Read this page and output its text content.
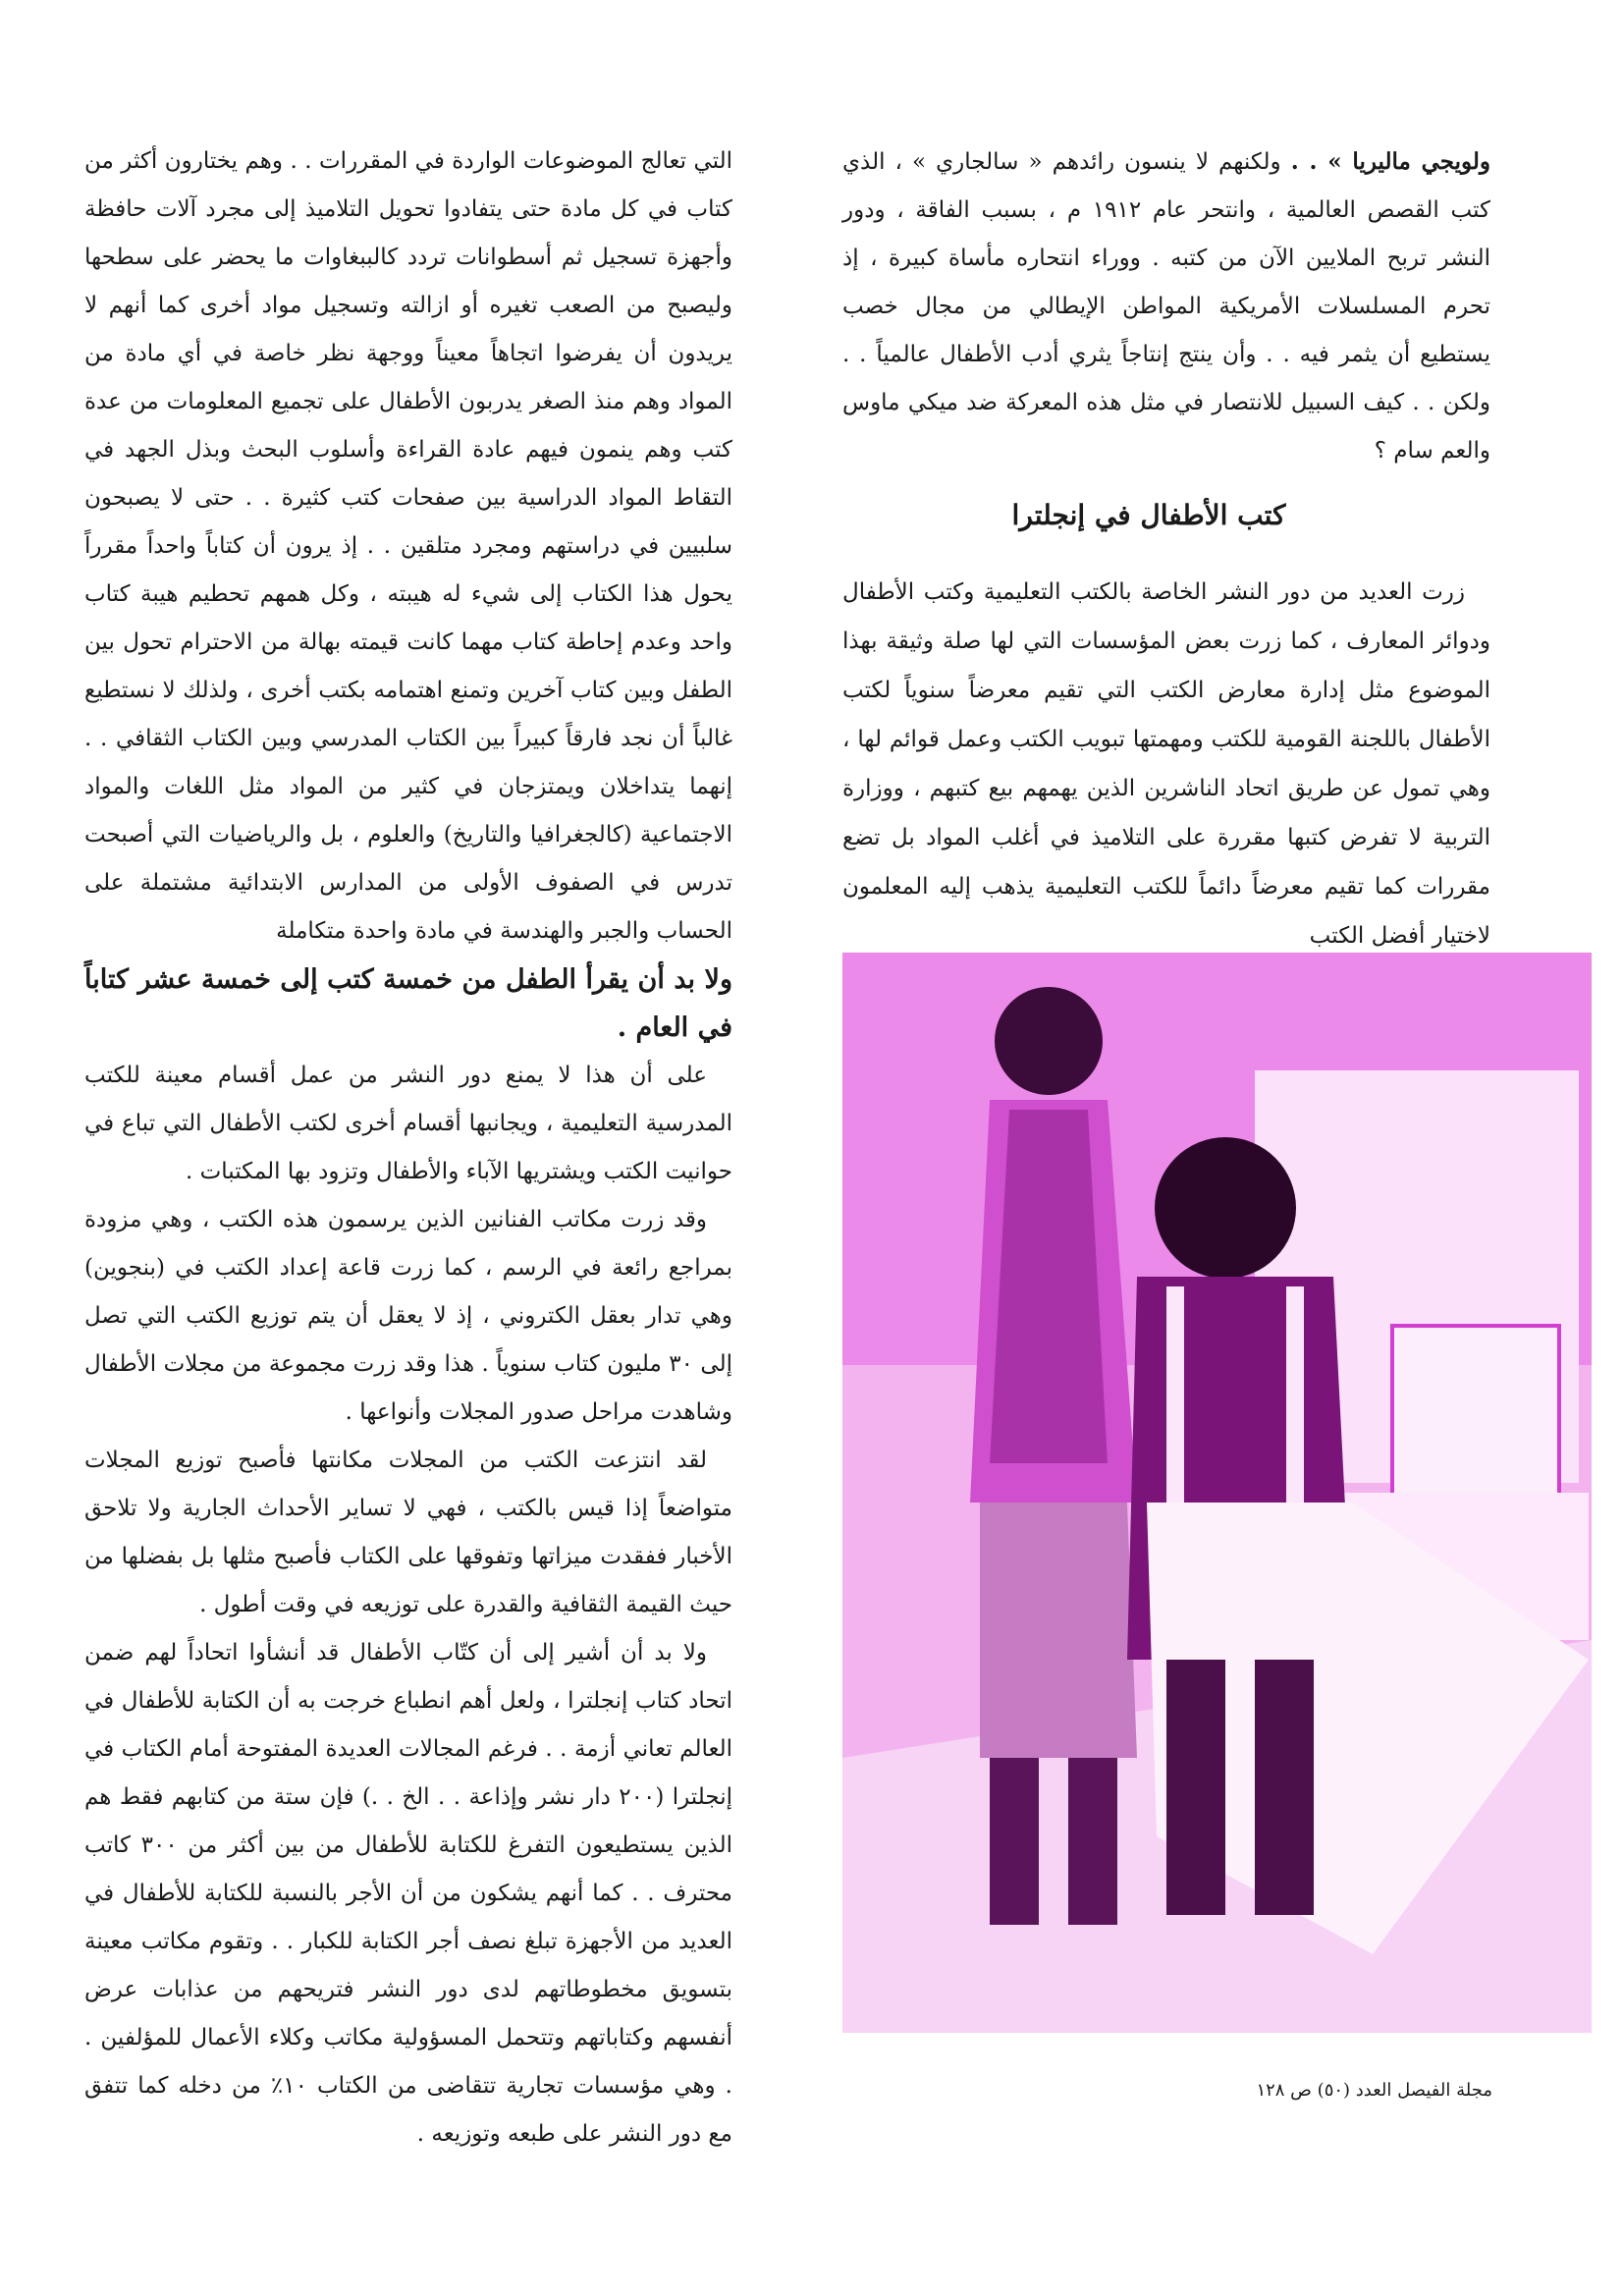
التي تعالج الموضوعات الواردة في المقررات . . وهم يختارون أكثر من كتاب في كل مادة حتى يتفادوا تحويل التلاميذ إلى مجرد آلات حافظة وأجهزة تسجيل ثم أسطوانات تردد كالببغاوات ما يحضر على سطحها وليصبح من الصعب تغيره أو ازالته وتسجيل مواد أخرى كما أنهم لا يريدون أن يفرضوا اتجاهاً معيناً ووجهة نظر خاصة في أي مادة من المواد وهم منذ الصغر يدربون الأطفال على تجميع المعلومات من عدة كتب وهم ينمون فيهم عادة القراءة وأسلوب البحث وبذل الجهد في التقاط المواد الدراسية بين صفحات كتب كثيرة . . حتى لا يصبحون سلبيين في دراستهم ومجرد متلقين . . إذ يرون أن كتاباً واحداً مقرراً يحول هذا الكتاب إلى شيء له هيبته ، وكل همهم تحطيم هيبة كتاب واحد وعدم إحاطة كتاب مهما كانت قيمته بهالة من الاحترام تحول بين الطفل وبين كتاب آخرين وتمنع اهتمامه بكتب أخرى ، ولذلك لا نستطيع غالباً أن نجد فارقاً كبيراً بين الكتاب المدرسي وبين الكتاب الثقافي . . إنهما يتداخلان ويمتزجان في كثير من المواد مثل اللغات والمواد الاجتماعية (كالجغرافيا والتاريخ) والعلوم ، بل والرياضيات التي أصبحت تدرس في الصفوف الأولى من المدارس الابتدائية مشتملة على الحساب والجبر والهندسة في مادة واحدة متكاملة

ولا بد أن يقرأ الطفل من خمسة كتب إلى خمسة عشر كتاباً في العام .

على أن هذا لا يمنع دور النشر من عمل أقسام معينة للكتب المدرسية التعليمية ، ويجانبها أقسام أخرى لكتب الأطفال التي تباع في حوانيت الكتب ويشتريها الآباء والأطفال وتزود بها المكتبات .

وقد زرت مكاتب الفنانين الذين يرسمون هذه الكتب ، وهي مزودة بمراجع رائعة في الرسم ، كما زرت قاعة إعداد الكتب في (بنجوين) وهي تدار بعقل الكتروني ، إذ لا يعقل أن يتم توزيع الكتب التي تصل إلى ٣٠ مليون كتاب سنوياً . هذا وقد زرت مجموعة من مجلات الأطفال وشاهدت مراحل صدور المجلات وأنواعها .

لقد انتزعت الكتب من المجلات مكانتها فأصبح توزيع المجلات متواضعاً إذا قيس بالكتب ، فهي لا تساير الأحداث الجارية ولا تلاحق الأخبار ففقدت ميزاتها وتفوقها على الكتاب فأصبح مثلها بل بفضلها من حيث القيمة الثقافية والقدرة على توزيعه في وقت أطول .

ولا بد أن أشير إلى أن كتّاب الأطفال قد أنشأوا اتحاداً لهم ضمن اتحاد كتاب إنجلترا ، ولعل أهم انطباع خرجت به أن الكتابة للأطفال في العالم تعاني أزمة . . فرغم المجالات العديدة المفتوحة أمام الكتاب في إنجلترا (٢٠٠ دار نشر وإذاعة . . الخ . .) فإن ستة من كتابهم فقط هم الذين يستطيعون التفرغ للكتابة للأطفال من بين أكثر من ٣٠٠ كاتب محترف . . كما أنهم يشكون من أن الأجر بالنسبة للكتابة للأطفال في العديد من الأجهزة تبلغ نصف أجر الكتابة للكبار . . وتقوم مكاتب معينة بتسويق مخطوطاتهم لدى دور النشر فتريحهم من عذابات عرض أنفسهم وكتاباتهم وتتحمل المسؤولية مكاتب وكلاء الأعمال للمؤلفين . . وهي مؤسسات تجارية تتقاضى من الكتاب ١٠٪ من دخله كما تتفق مع دور النشر على طبعه وتوزيعه .

ولويجي ماليريا » . . ولكنهم لا ينسون رائدهم « سالجاري » ، الذي كتب القصص العالمية ، وانتحر عام ١٩١٢ م ، بسبب الفاقة ، ودور النشر تربح الملايين الآن من كتبه . ووراء انتحاره مأساة كبيرة ، إذ تحرم المسلسلات الأمريكية المواطن الإيطالي من مجال خصب يستطيع أن يثمر فيه . . وأن ينتج إنتاجاً يثري أدب الأطفال عالمياً . . ولكن . . كيف السبيل للانتصار في مثل هذه المعركة ضد ميكي ماوس والعم سام ؟

كتب الأطفال في إنجلترا

زرت العديد من دور النشر الخاصة بالكتب التعليمية وكتب الأطفال ودوائر المعارف ، كما زرت بعض المؤسسات التي لها صلة وثيقة بهذا الموضوع مثل إدارة معارض الكتب التي تقيم معرضاً سنوياً لكتب الأطفال باللجنة القومية للكتب ومهمتها تبويب الكتب وعمل قوائم لها ، وهي تمول عن طريق اتحاد الناشرين الذين يهمهم بيع كتبهم ، ووزارة التربية لا تفرض كتبها مقررة على التلاميذ في أغلب المواد بل تضع مقررات كما تقيم معرضاً دائماً للكتب التعليمية يذهب إليه المعلمون لاختيار أفضل الكتب

مجلة الفيصل العدد (٥٠) ص ١٢٨
